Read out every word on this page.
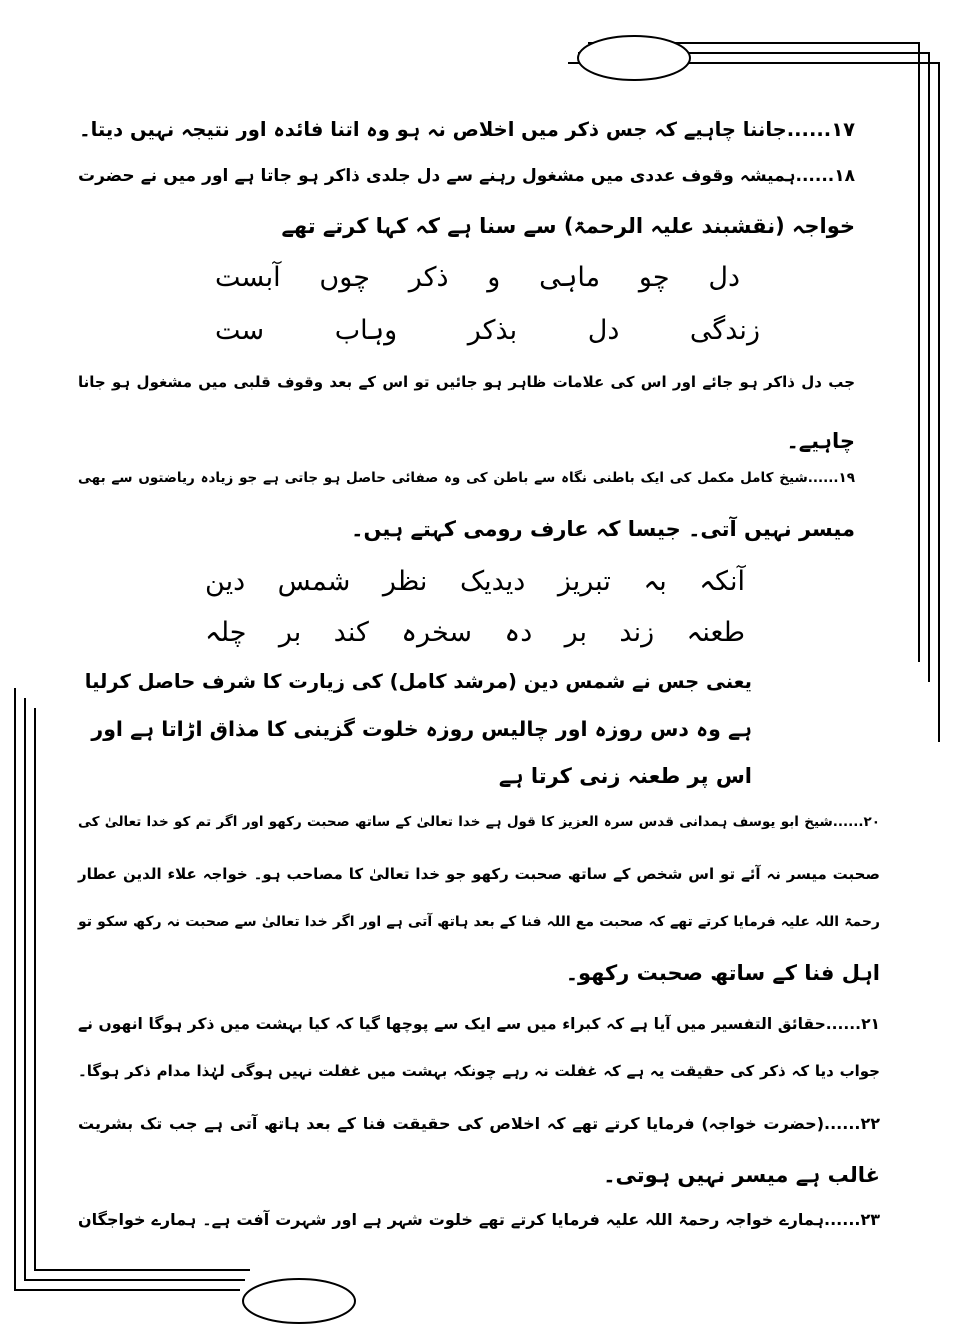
۱۷......جاننا چاہیے کہ جس ذکر میں اخلاص نہ ہو وہ اتنا فائدہ اور نتیجہ نہیں دیتا۔
۱۸......ہمیشہ وقوف عددی میں مشغول رہنے سے دل جلدی ذاکر ہو جاتا ہے اور میں نے حضرت
خواجہ (نقشبند علیہ الرحمۃ) سے سنا ہے کہ کہا کرتے تھے
دل
چو
ماہی
و
ذکر
چوں
آبست
زندگی
دل
بذکر
وہاب
ست
جب دل ذاکر ہو جائے اور اس کی علامات ظاہر ہو جائیں تو اس کے بعد وقوف قلبی میں مشغول ہو جانا
چاہیے۔
۱۹......شیخ کامل مکمل کی ایک باطنی نگاہ سے باطن کی وہ صفائی حاصل ہو جاتی ہے جو زیادہ ریاضتوں سے بھی
میسر نہیں آتی۔ جیسا کہ عارف رومی کہتے ہیں۔
آنکہ
بہ
تبریز
دیدیک
نظر
شمس
دین
طعنہ
زند
بر
دہ
سخرہ
کند
بر
چلہ
یعنی جس نے شمس دین (مرشد کامل) کی زیارت کا شرف حاصل کرلیا
ہے وہ دس روزہ اور چالیس روزہ خلوت گزینی کا مذاق اڑاتا ہے اور
اس پر طعنہ زنی کرتا ہے
۲۰......شیخ ابو یوسف ہمدانی قدس سرہ العزیز کا قول ہے خدا تعالیٰ کے ساتھ صحبت رکھو اور اگر تم کو خدا تعالیٰ کی
صحبت میسر نہ آئے تو اس شخص کے ساتھ صحبت رکھو جو خدا تعالیٰ کا مصاحب ہو۔ خواجہ علاء الدین عطار
رحمۃ اللہ علیہ فرمایا کرتے تھے کہ صحبت مع اللہ فنا کے بعد ہاتھ آتی ہے اور اگر خدا تعالیٰ سے صحبت نہ رکھ سکو تو
اہل فنا کے ساتھ صحبت رکھو۔
۲۱......حقائق التفسیر میں آیا ہے کہ کبراء میں سے ایک سے پوچھا گیا کہ کیا بہشت میں ذکر ہوگا انھوں نے
جواب دیا کہ ذکر کی حقیقت یہ ہے کہ غفلت نہ رہے چونکہ بہشت میں غفلت نہیں ہوگی لہٰذا مدام ذکر ہوگا۔
۲۲......(حضرت خواجہ) فرمایا کرتے تھے کہ اخلاص کی حقیقت فنا کے بعد ہاتھ آتی ہے جب تک بشریت
غالب ہے میسر نہیں ہوتی۔
۲۳......ہمارے خواجہ رحمۃ اللہ علیہ فرمایا کرتے تھے خلوت شہر ہے اور شہرت آفت ہے۔ ہمارے خواجگان
